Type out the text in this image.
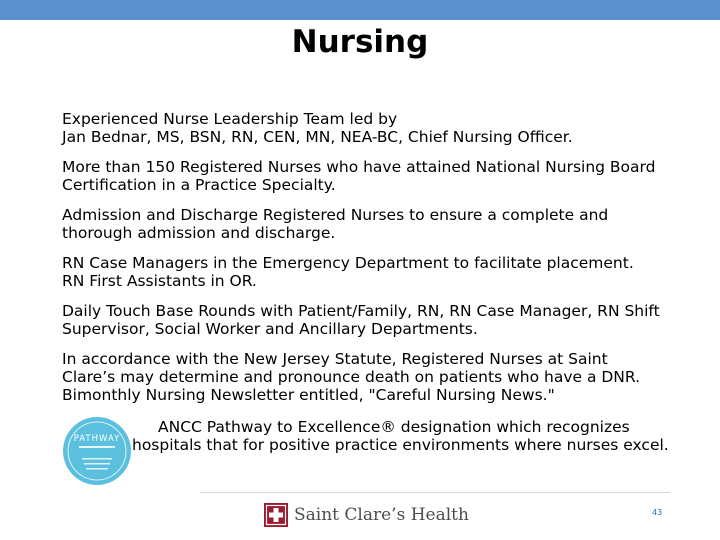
Nursing
Experienced Nurse Leadership Team led by
Jan Bednar, MS, BSN, RN, CEN, MN, NEA-BC, Chief Nursing Officer.
More than 150 Registered Nurses who have attained National Nursing Board
Certification in a Practice Specialty.
Admission and Discharge Registered Nurses to ensure a complete and
thorough admission and discharge.
RN Case Managers in the Emergency Department to facilitate placement.
RN First Assistants in OR.
Daily Touch Base Rounds with Patient/Family, RN, RN Case Manager, RN Shift
Supervisor, Social Worker and Ancillary Departments.
In accordance with the New Jersey Statute, Registered Nurses at Saint
Clare’s may determine and pronounce death on patients who have a DNR.
Bimonthly Nursing Newsletter entitled, "Careful Nursing News."
PATHWAY
ANCC Pathway to Excellence® designation which recognizes
hospitals that for positive practice environments where nurses excel.
Saint Clare’s Health	43
